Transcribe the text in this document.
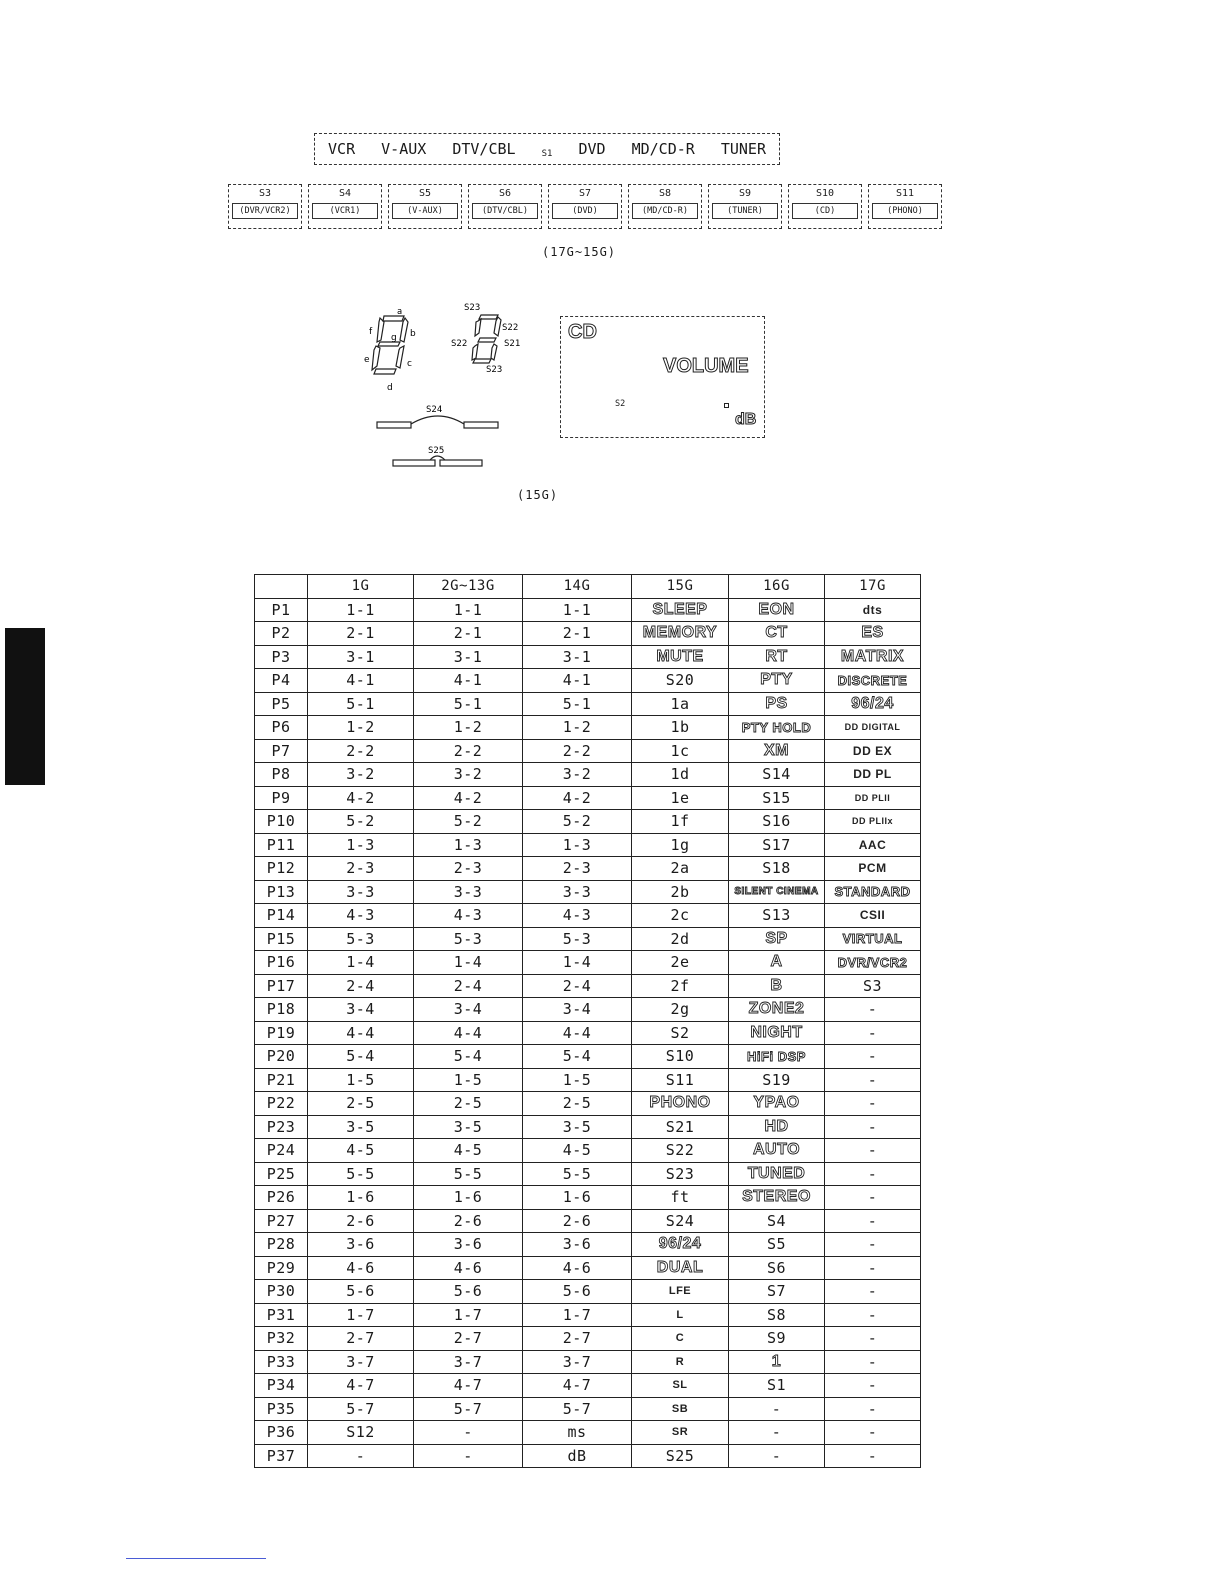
VCR V-AUX DTV/CBL	S1 DVD MD/CD-R TUNER
S3
(DVR/VCR2)
S4
(VCR1)
S5
(V-AUX)
S6
(DTV/CBL)
S7
(DVD)
S8
(MD/CD-R)
S9
(TUNER)
S10
(CD)
S11
(PHONO)
(17G~15G)
a
b
c
d
e
f
g
S23
S22
S22	S21
S23
S24
S25
CD
VOLUME
S2
dB
(15G)
	1G	2G~13G	14G	15G	16G	17G
P1	1-1	1-1	1-1	SLEEP	EON	dts
P2	2-1	2-1	2-1	MEMORY	CT	ES
P3	3-1	3-1	3-1	MUTE	RT	MATRIX
P4	4-1	4-1	4-1	S20	PTY	DISCRETE
P5	5-1	5-1	5-1	1a	PS	96/24
P6	1-2	1-2	1-2	1b	PTY HOLD	DD DIGITAL
P7	2-2	2-2	2-2	1c	XM	DD EX
P8	3-2	3-2	3-2	1d	S14	DD PL
P9	4-2	4-2	4-2	1e	S15	DD PLII
P10	5-2	5-2	5-2	1f	S16	DD PLIIx
P11	1-3	1-3	1-3	1g	S17	AAC
P12	2-3	2-3	2-3	2a	S18	PCM
P13	3-3	3-3	3-3	2b	SILENT CINEMA	STANDARD
P14	4-3	4-3	4-3	2c	S13	CSII
P15	5-3	5-3	5-3	2d	SP	VIRTUAL
P16	1-4	1-4	1-4	2e	A	DVR/VCR2
P17	2-4	2-4	2-4	2f	B	S3
P18	3-4	3-4	3-4	2g	ZONE2	-
P19	4-4	4-4	4-4	S2	NIGHT	-
P20	5-4	5-4	5-4	S10	HiFi DSP	-
P21	1-5	1-5	1-5	S11	S19	-
P22	2-5	2-5	2-5	PHONO	YPAO	-
P23	3-5	3-5	3-5	S21	HD	-
P24	4-5	4-5	4-5	S22	AUTO	-
P25	5-5	5-5	5-5	S23	TUNED	-
P26	1-6	1-6	1-6	ft	STEREO	-
P27	2-6	2-6	2-6	S24	S4	-
P28	3-6	3-6	3-6	96/24	S5	-
P29	4-6	4-6	4-6	DUAL	S6	-
P30	5-6	5-6	5-6	LFE	S7	-
P31	1-7	1-7	1-7	L	S8	-
P32	2-7	2-7	2-7	C	S9	-
P33	3-7	3-7	3-7	R	1	-
P34	4-7	4-7	4-7	SL	S1	-
P35	5-7	5-7	5-7	SB	-	-
P36	S12	-	ms	SR	-	-
P37	-	-	dB	S25	-	-
